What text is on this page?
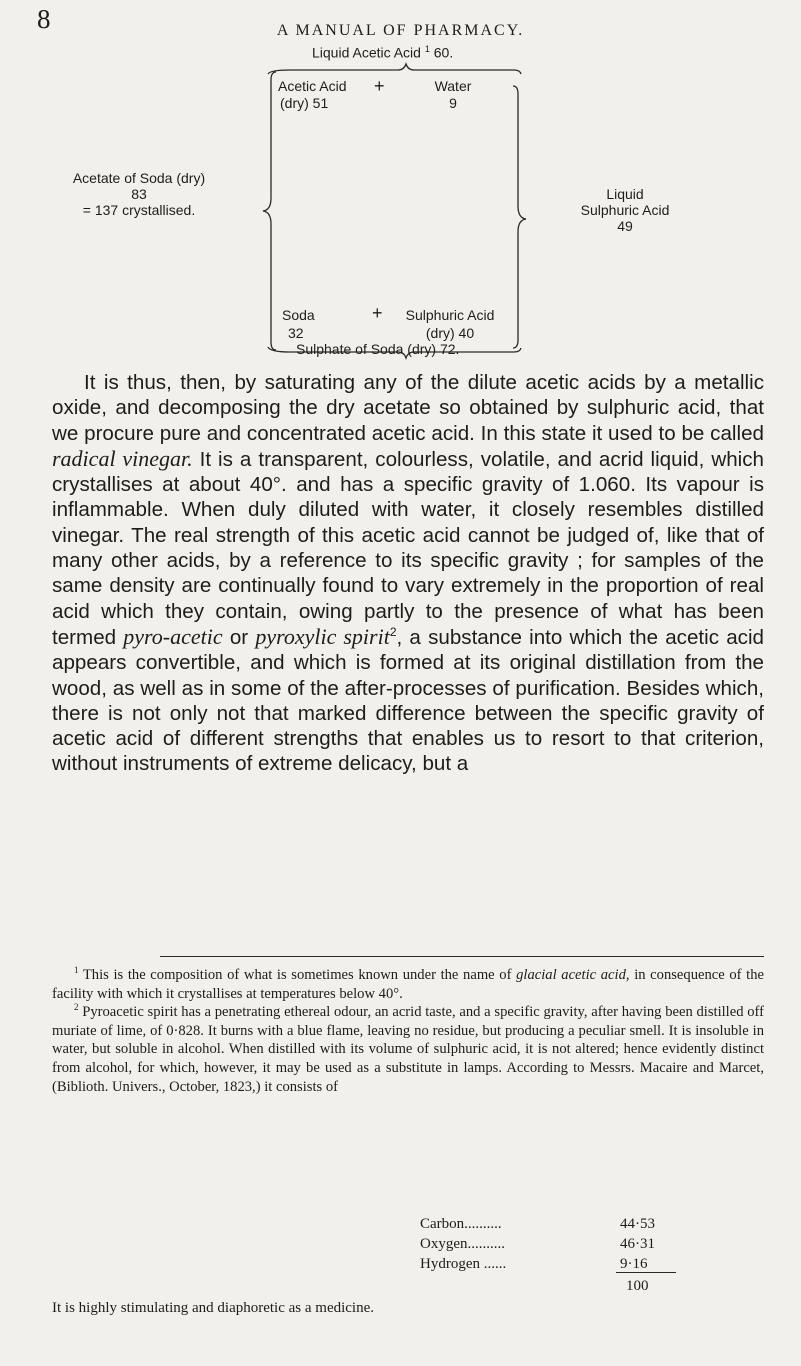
8	A MANUAL OF PHARMACY.
Liquid Acetic Acid $^1$ 60.
Acetate of Soda (dry)
83
= 137 crystallised.
Liquid
Sulphuric Acid
49
Acetic Acid
(dry) 51
+	Water
9
Soda
32
+	Sulphuric Acid
(dry) 40
Sulphate of Soda (dry) 72.

It is thus, then, by saturating any of the dilute acetic acids by a metallic oxide, and decomposing the dry acetate so obtained by sulphuric acid, that we procure pure and concentrated acetic acid. In this state it used to be called radical vinegar. It is a transparent, colourless, volatile, and acrid liquid, which crystallises at about 40°. and has a specific gravity of 1.060. Its vapour is inflammable. When duly diluted with water, it closely resembles distilled vinegar. The real strength of this acetic acid cannot be judged of, like that of many other acids, by a reference to its specific gravity ; for samples of the same density are continually found to vary extremely in the proportion of real acid which they contain, owing partly to the presence of what has been termed pyro-acetic or pyroxylic spirit$^2$, a substance into which the acetic acid appears convertible, and which is formed at its original distillation from the wood, as well as in some of the after-processes of purification. Besides which, there is not only not that marked difference between the specific gravity of acetic acid of different strengths that enables us to resort to that criterion, without instruments of extreme delicacy, but a

$^1$ This is the composition of what is sometimes known under the name of glacial acetic acid, in consequence of the facility with which it crystallises at temperatures below 40°.

$^2$ Pyroacetic spirit has a penetrating ethereal odour, an acrid taste, and a specific gravity, after having been distilled off muriate of lime, of 0·828. It burns with a blue flame, leaving no residue, but producing a peculiar smell. It is insoluble in water, but soluble in alcohol. When distilled with its volume of sulphuric acid, it is not altered; hence evidently distinct from alcohol, for which, however, it may be used as a substitute in lamps. According to Messrs. Macaire and Marcet, (Biblioth. Univers., October, 1823,) it consists of

Carbon..........	44·53
Oxygen..........	46·31
Hydrogen ......	9·16
100
It is highly stimulating and diaphoretic as a medicine.
